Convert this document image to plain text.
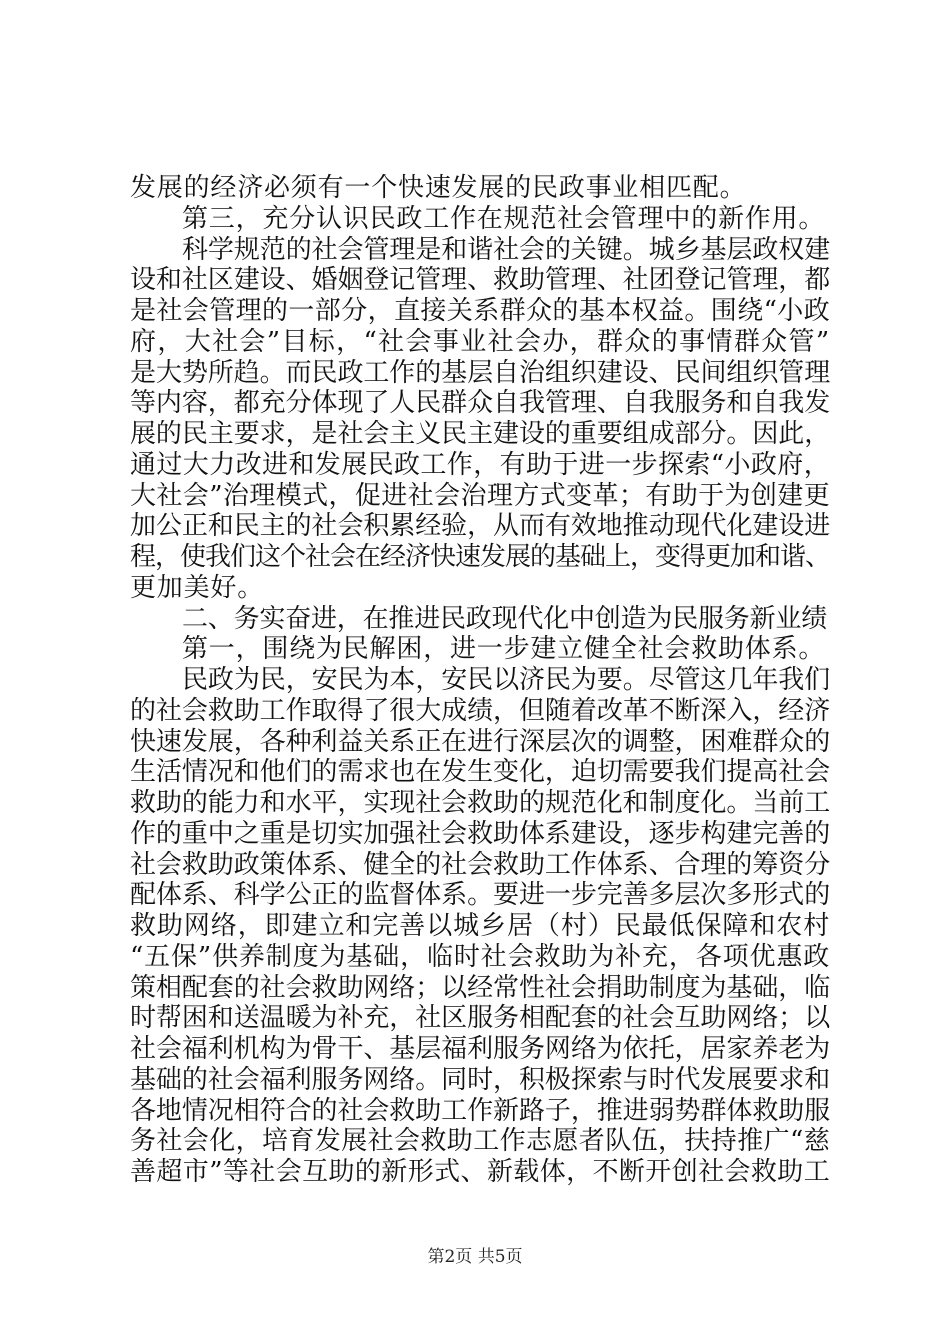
发展的经济必须有一个快速发展的民政事业相匹配。
第三，充分认识民政工作在规范社会管理中的新作用。
科学规范的社会管理是和谐社会的关键。城乡基层政权建
设和社区建设、婚姻登记管理、救助管理、社团登记管理，都
是社会管理的一部分，直接关系群众的基本权益。围绕“小政
府，大社会”目标，“社会事业社会办，群众的事情群众管”
是大势所趋。而民政工作的基层自治组织建设、民间组织管理
等内容，都充分体现了人民群众自我管理、自我服务和自我发
展的民主要求，是社会主义民主建设的重要组成部分。因此，
通过大力改进和发展民政工作，有助于进一步探索“小政府，
大社会”治理模式，促进社会治理方式变革；有助于为创建更
加公正和民主的社会积累经验，从而有效地推动现代化建设进
程，使我们这个社会在经济快速发展的基础上，变得更加和谐、
更加美好。
二、务实奋进，在推进民政现代化中创造为民服务新业绩
第一，围绕为民解困，进一步建立健全社会救助体系。
民政为民，安民为本，安民以济民为要。尽管这几年我们
的社会救助工作取得了很大成绩，但随着改革不断深入，经济
快速发展，各种利益关系正在进行深层次的调整，困难群众的
生活情况和他们的需求也在发生变化，迫切需要我们提高社会
救助的能力和水平，实现社会救助的规范化和制度化。当前工
作的重中之重是切实加强社会救助体系建设，逐步构建完善的
社会救助政策体系、健全的社会救助工作体系、合理的筹资分
配体系、科学公正的监督体系。要进一步完善多层次多形式的
救助网络，即建立和完善以城乡居（村）民最低保障和农村
“五保”供养制度为基础，临时社会救助为补充，各项优惠政
策相配套的社会救助网络；以经常性社会捐助制度为基础，临
时帮困和送温暖为补充，社区服务相配套的社会互助网络；以
社会福利机构为骨干、基层福利服务网络为依托，居家养老为
基础的社会福利服务网络。同时，积极探索与时代发展要求和
各地情况相符合的社会救助工作新路子，推进弱势群体救助服
务社会化，培育发展社会救助工作志愿者队伍，扶持推广“慈
善超市”等社会互助的新形式、新载体，不断开创社会救助工
第2页 共5页
